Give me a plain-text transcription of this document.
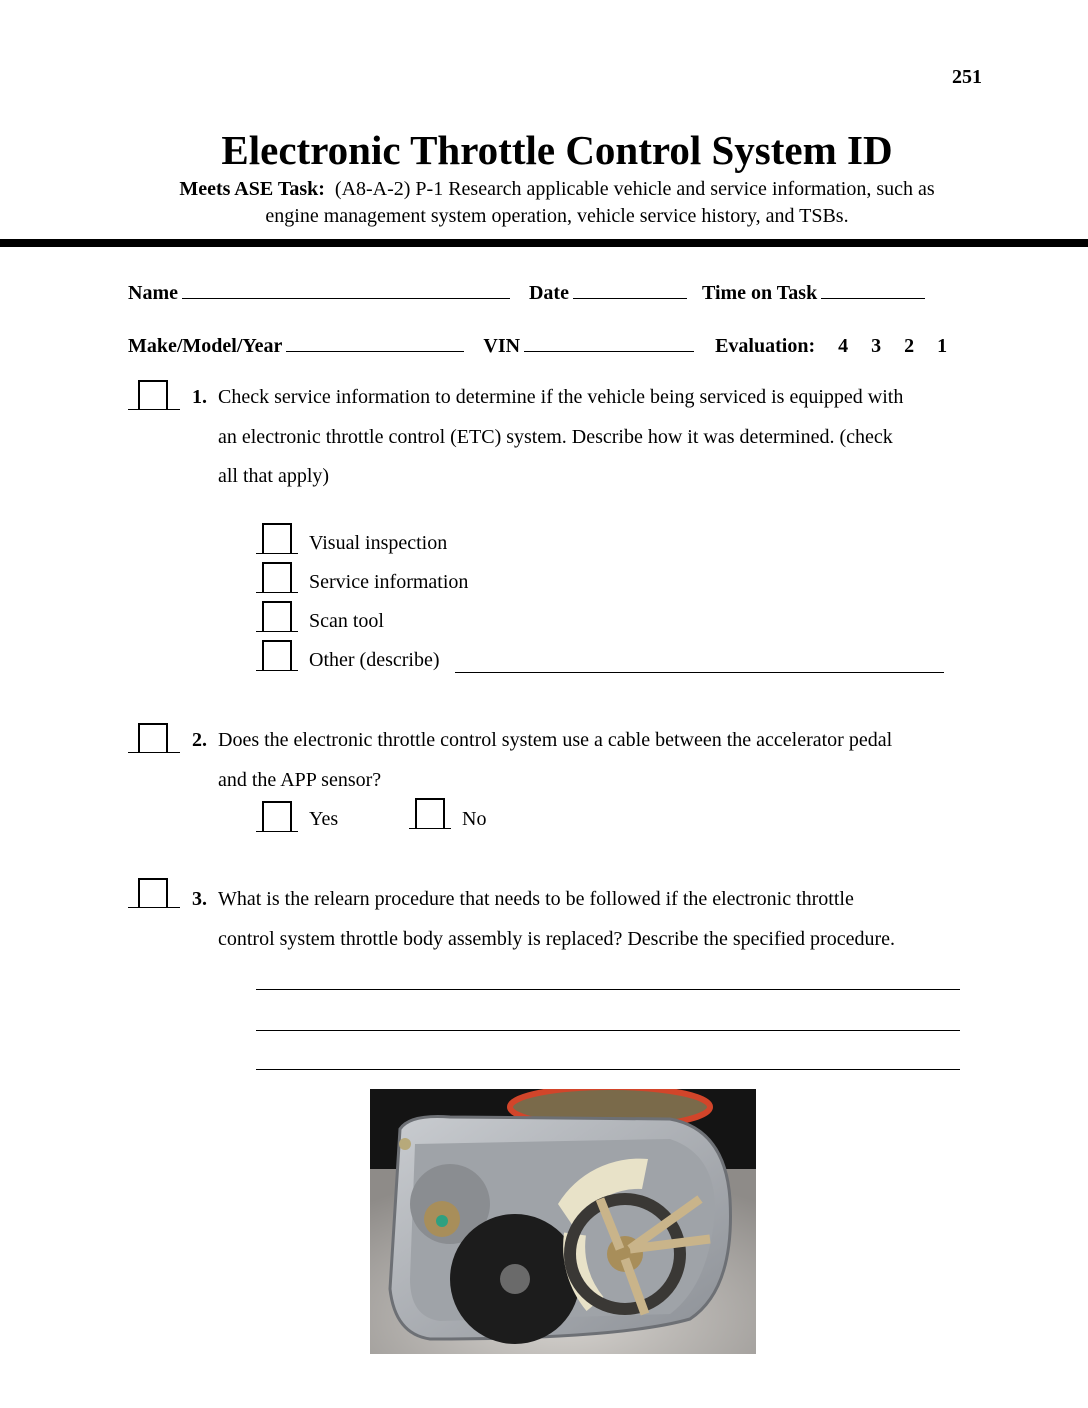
251
Electronic Throttle Control System ID
Meets ASE Task: (A8-A-2) P-1 Research applicable vehicle and service information, such as
engine management system operation, vehicle service history, and TSBs.
Name	Date	Time on Task
Make/Model/Year	VIN	Evaluation: 4 3 2 1
1. Check service information to determine if the vehicle being serviced is equipped with
an electronic throttle control (ETC) system. Describe how it was determined. (check
all that apply)
Visual inspection
Service information
Scan tool
Other (describe)
2. Does the electronic throttle control system use a cable between the accelerator pedal
and the APP sensor?
Yes	No
3. What is the relearn procedure that needs to be followed if the electronic throttle
control system throttle body assembly is replaced? Describe the specified procedure.
